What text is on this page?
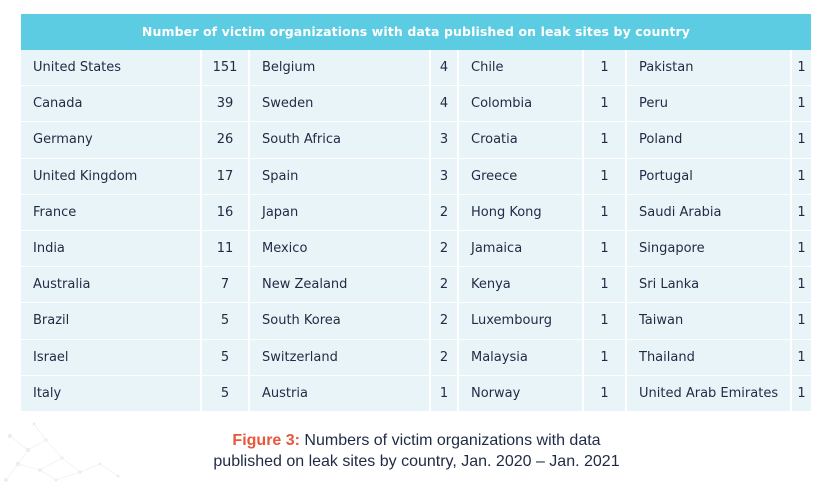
Number of victim organizations with data published on leak sites by country
United States	151	Belgium	4	Chile	1	Pakistan	1
Canada	39	Sweden	4	Colombia	1	Peru	1
Germany	26	South Africa	3	Croatia	1	Poland	1
United Kingdom	17	Spain	3	Greece	1	Portugal	1
France	16	Japan	2	Hong Kong	1	Saudi Arabia	1
India	11	Mexico	2	Jamaica	1	Singapore	1
Australia	7	New Zealand	2	Kenya	1	Sri Lanka	1
Brazil	5	South Korea	2	Luxembourg	1	Taiwan	1
Israel	5	Switzerland	2	Malaysia	1	Thailand	1
Italy	5	Austria	1	Norway	1	United Arab Emirates	1
Figure 3: Numbers of victim organizations with data
published on leak sites by country, Jan. 2020 – Jan. 2021
